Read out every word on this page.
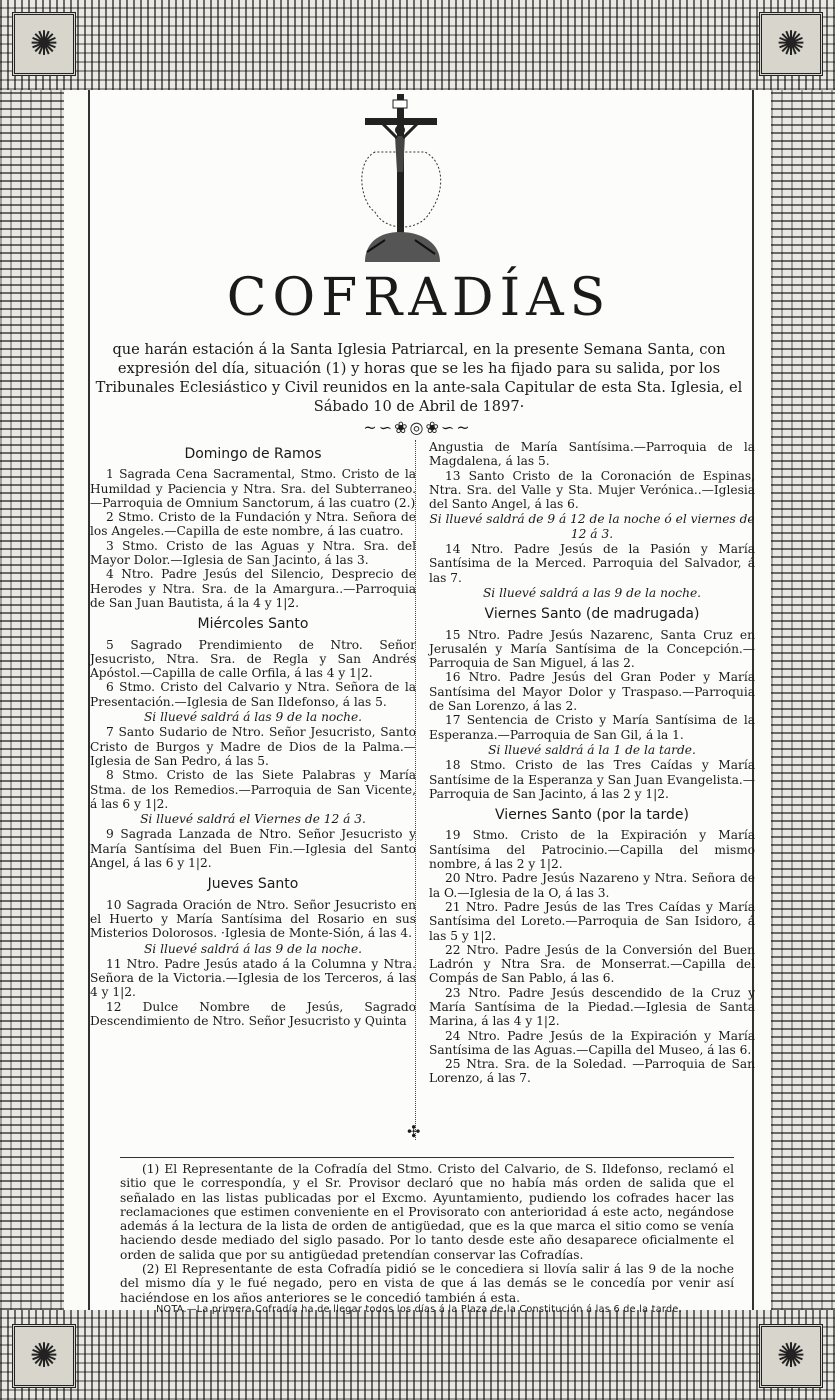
✺
✺
✺
✺
COFRADÍAS

que harán estación á la Santa Iglesia Patriarcal, en la presente Semana Santa, con expresión del día, situación (1) y horas que se les ha fijado para su salida, por los Tribunales Eclesiástico y Civil reunidos en la ante-sala Capitular de esta Sta. Iglesia, el Sábado 10 de Abril de 1897·

~∽❀◎❀∽~
Domingo de Ramos

1 Sagrada Cena Sacramental, Stmo. Cristo de la Humildad y Paciencia y Ntra. Sra. del Subterraneo.—Parroquia de Omnium Sanctorum, á las cuatro (2.)

2 Stmo. Cristo de la Fundación y Ntra. Señora de los Angeles.—Capilla de este nombre, á las cuatro.

3 Stmo. Cristo de las Aguas y Ntra. Sra. del Mayor Dolor.—Iglesia de San Jacinto, á las 3.

4 Ntro. Padre Jesús del Silencio, Desprecio de Herodes y Ntra. Sra. de la Amargura..—Parroquia de San Juan Bautista, á la 4 y 1|2.

Miércoles Santo

5 Sagrado Prendimiento de Ntro. Señor Jesucristo, Ntra. Sra. de Regla y San Andrés Apóstol.—Capilla de calle Orfila, á las 4 y 1|2.

6 Stmo. Cristo del Calvario y Ntra. Señora de la Presentación.—Iglesia de San Ildefonso, á las 5.

Si lluevé saldrá á las 9 de la noche.

7 Santo Sudario de Ntro. Señor Jesucristo, Santo Cristo de Burgos y Madre de Dios de la Palma.—Iglesia de San Pedro, á las 5.

8 Stmo. Cristo de las Siete Palabras y María Stma. de los Remedios.—Parroquia de San Vicente, á las 6 y 1|2.

Si lluevé saldrá el Viernes de 12 á 3.

9 Sagrada Lanzada de Ntro. Señor Jesucristo y María Santísima del Buen Fin.—Iglesia del Santo Angel, á las 6 y 1|2.

Jueves Santo

10 Sagrada Oración de Ntro. Señor Jesucristo en el Huerto y María Santísima del Rosario en sus Misterios Dolorosos. ·Iglesia de Monte-Sión, á las 4.

Si lluevé saldrá á las 9 de la noche.

11 Ntro. Padre Jesús atado á la Columna y Ntra. Señora de la Victoria.—Iglesia de los Terceros, á las 4 y 1|2.

12 Dulce Nombre de Jesús, Sagrado Descendimiento de Ntro. Señor Jesucristo y Quinta

✣

Angustia de María Santísima.—Parroquia de la Magdalena, á las 5.

13 Santo Cristo de la Coronación de Espinas, Ntra. Sra. del Valle y Sta. Mujer Verónica..—Iglesia del Santo Angel, á las 6.

Si lluevé saldrá de 9 á 12 de la noche ó el viernes de 12 á 3.

14 Ntro. Padre Jesús de la Pasión y María Santísima de la Merced. Parroquia del Salvador, á las 7.

Si lluevé saldrá a las 9 de la noche.

Viernes Santo (de madrugada)

15 Ntro. Padre Jesús Nazarenc, Santa Cruz en Jerusalén y María Santísima de la Concepción.—Parroquia de San Miguel, á las 2.

16 Ntro. Padre Jesús del Gran Poder y María Santísima del Mayor Dolor y Traspaso.—Parroquia de San Lorenzo, á las 2.

17 Sentencia de Cristo y María Santísima de la Esperanza.—Parroquia de San Gil, á la 1.

Si lluevé saldrá á la 1 de la tarde.

18 Stmo. Cristo de las Tres Caídas y María Santísime de la Esperanza y San Juan Evangelista.—Parroquia de San Jacinto, á las 2 y 1|2.

Viernes Santo (por la tarde)

19 Stmo. Cristo de la Expiración y María Santísima del Patrocinio.—Capilla del mismo nombre, á las 2 y 1|2.

20 Ntro. Padre Jesús Nazareno y Ntra. Señora de la O.—Iglesia de la O, á las 3.

21 Ntro. Padre Jesús de las Tres Caídas y María Santísima del Loreto.—Parroquia de San Isidoro, á las 5 y 1|2.

22 Ntro. Padre Jesús de la Conversión del Buen Ladrón y Ntra Sra. de Monserrat.—Capilla del Compás de San Pablo, á las 6.

23 Ntro. Padre Jesús descendido de la Cruz y María Santísima de la Piedad.—Iglesia de Santa Marina, á las 4 y 1|2.

24 Ntro. Padre Jesús de la Expiración y María Santísima de las Aguas.—Capilla del Museo, á las 6.

25 Ntra. Sra. de la Soledad. —Parroquia de San Lorenzo, á las 7.

(1) El Representante de la Cofradía del Stmo. Cristo del Calvario, de S. Ildefonso, reclamó el sitio que le correspondía, y el Sr. Provisor declaró que no había más orden de salida que el señalado en las listas publicadas por el Excmo. Ayuntamiento, pudiendo los cofrades hacer las reclamaciones que estimen conveniente en el Provisorato con anterioridad á este acto, negándose además á la lectura de la lista de orden de antigüedad, que es la que marca el sitio como se venía haciendo desde mediado del siglo pasado. Por lo tanto desde este año desaparece oficialmente el orden de salida que por su antigüedad pretendían conservar las Cofradías.

(2) El Representante de esta Cofradía pidió se le concediera si llovía salir á las 9 de la noche del mismo día y le fué negado, pero en vista de que á las demás se le concedía por venir así haciéndose en los años anteriores se le concedió también á esta.

NOTA.—La primera Cofradía ha de llegar todos los días á la Plaza de la Constitución á las 6 de la tarde.
